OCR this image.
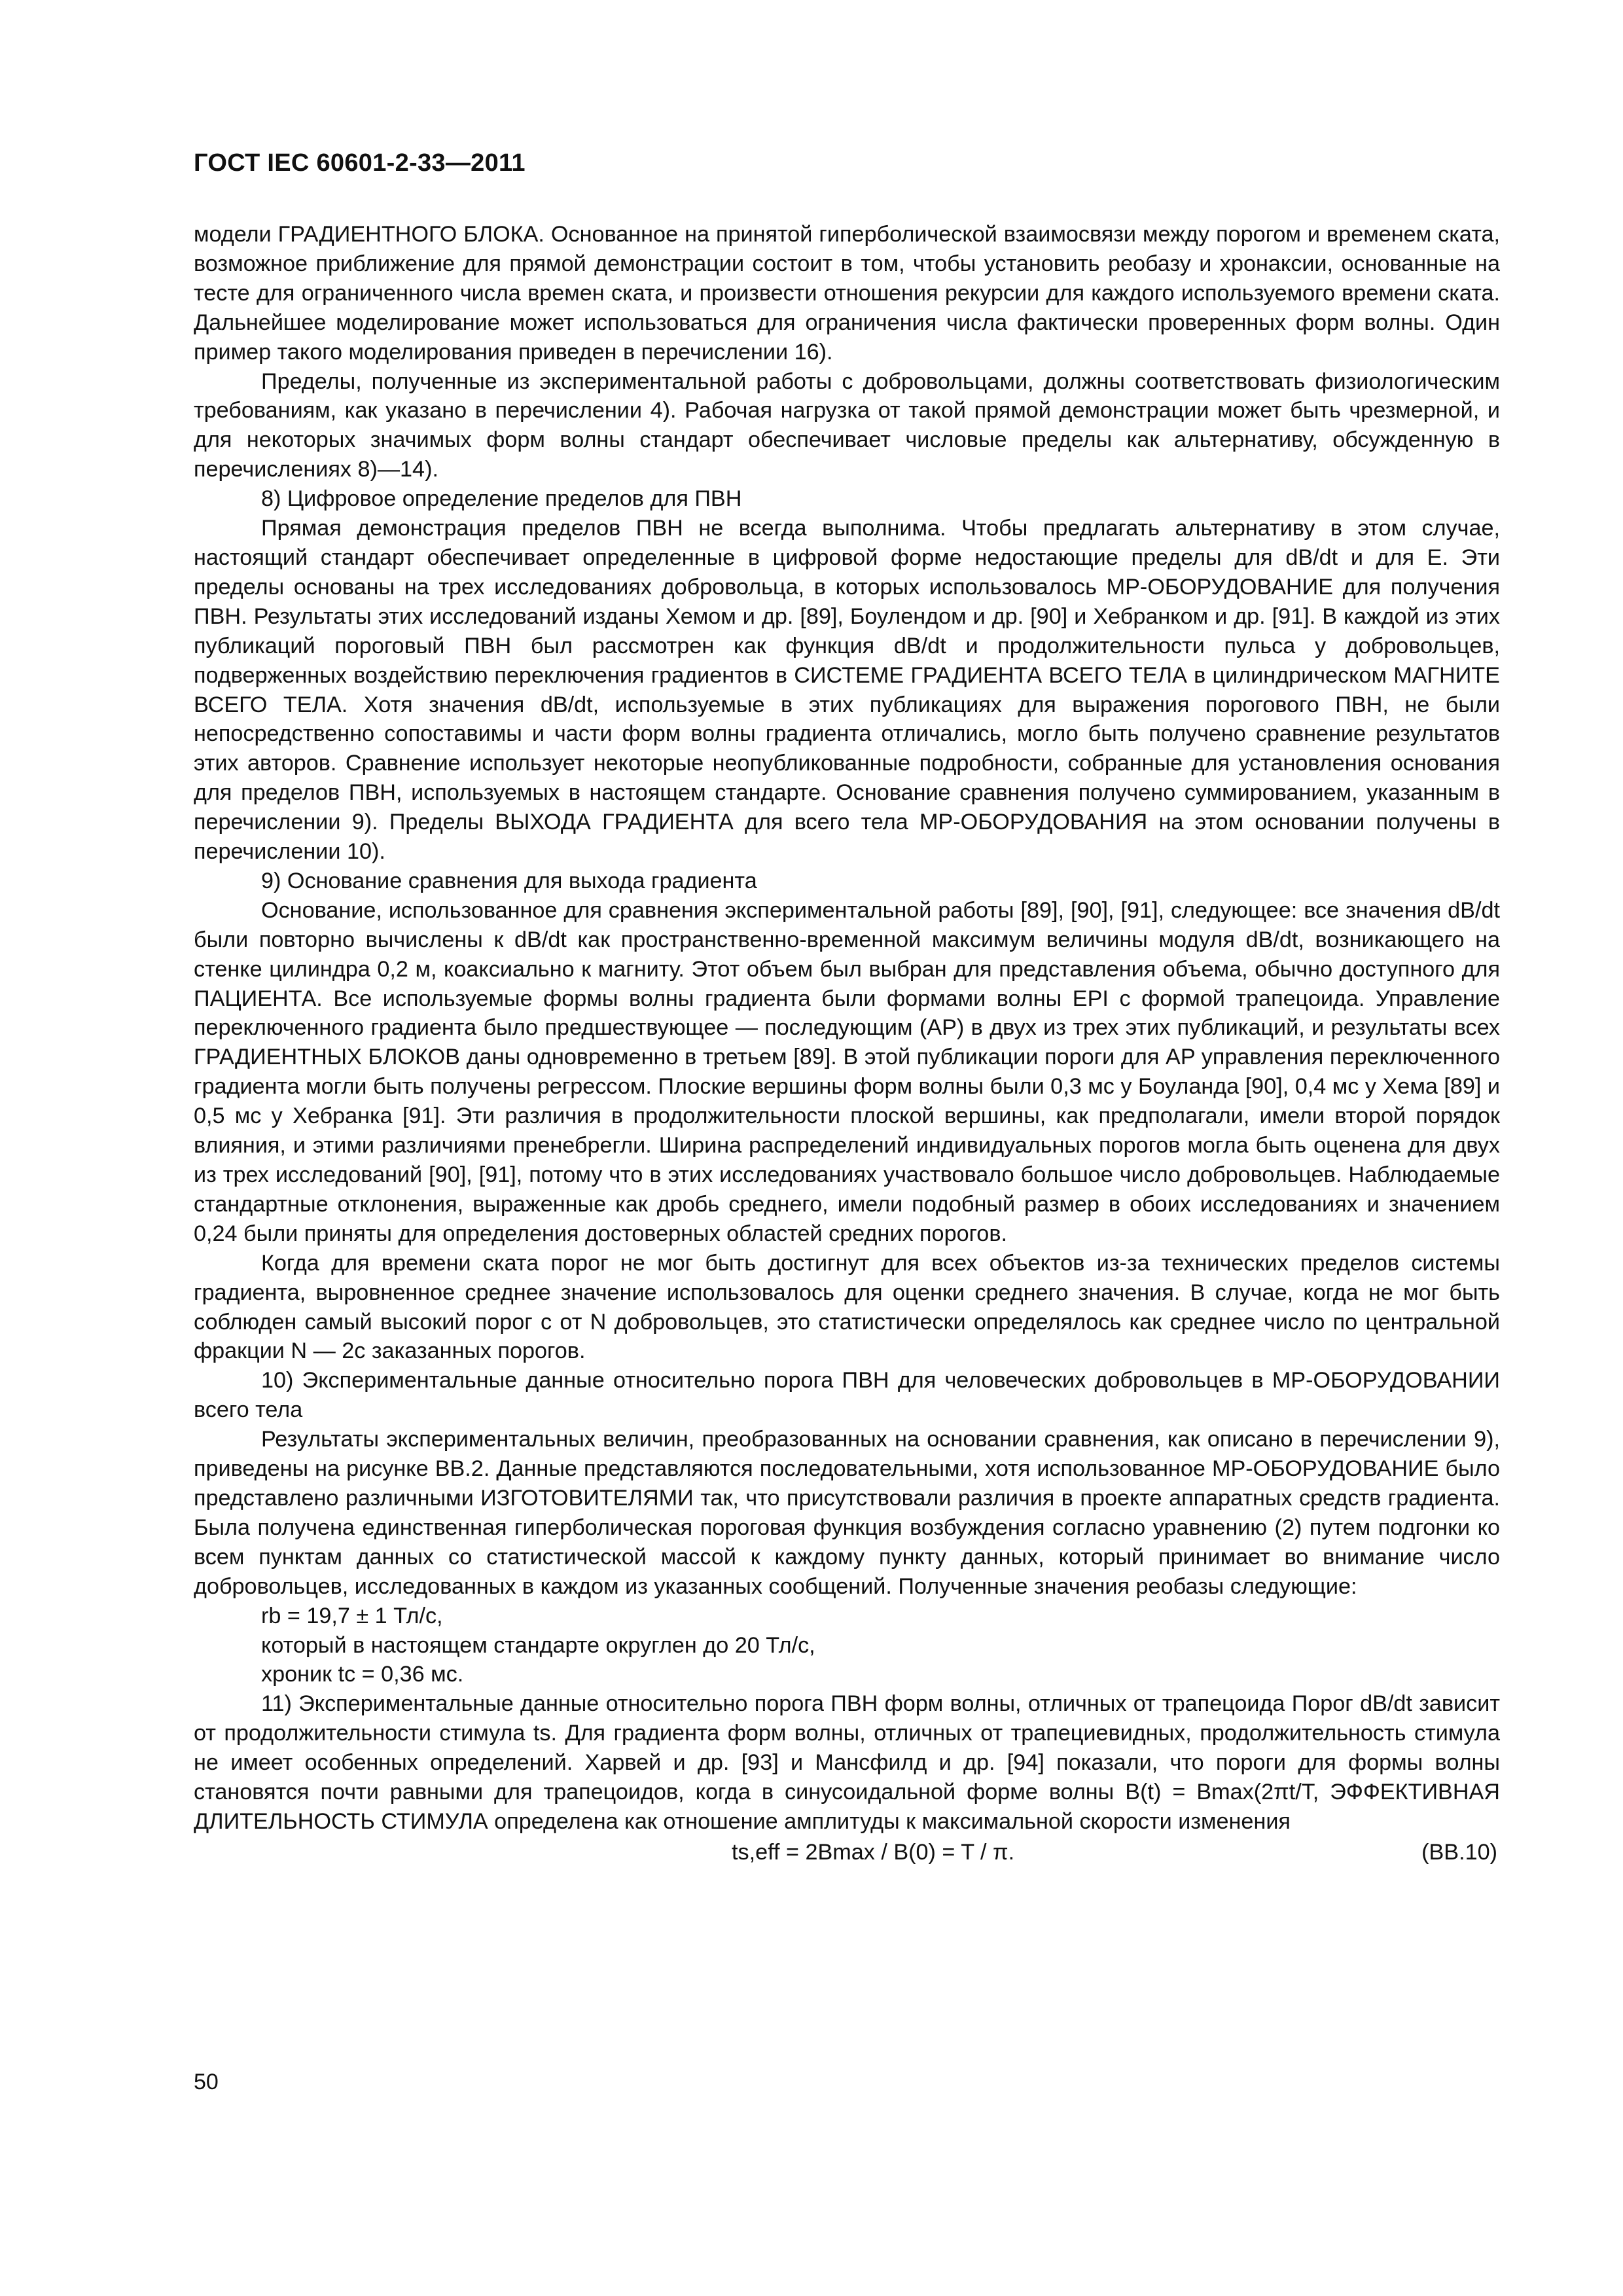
ГОСТ IEC 60601-2-33—2011

модели ГРАДИЕНТНОГО БЛОКА. Основанное на принятой гиперболической взаимосвязи между порогом и временем ската, возможное приближение для прямой демонстрации состоит в том, чтобы установить реобазу и хронаксии, основанные на тесте для ограниченного числа времен ската, и произвести отношения рекурсии для каждого используемого времени ската. Дальнейшее моделирование может использоваться для ограничения числа фактически проверенных форм волны. Один пример такого моделирования приведен в перечислении 16).

Пределы, полученные из экспериментальной работы с добровольцами, должны соответствовать физиологическим требованиям, как указано в перечислении 4). Рабочая нагрузка от такой прямой демонстрации может быть чрезмерной, и для некоторых значимых форм волны стандарт обеспечивает числовые пределы как альтернативу, обсужденную в перечислениях 8)—14).

8) Цифровое определение пределов для ПВН

Прямая демонстрация пределов ПВН не всегда выполнима. Чтобы предлагать альтернативу в этом случае, настоящий стандарт обеспечивает определенные в цифровой форме недостающие пределы для dB/dt и для E. Эти пределы основаны на трех исследованиях добровольца, в которых использовалось МР-ОБОРУДОВАНИЕ для получения ПВН. Результаты этих исследований изданы Хемом и др. [89], Боулендом и др. [90] и Хебранком и др. [91]. В каждой из этих публикаций пороговый ПВН был рассмотрен как функция dB/dt и продолжительности пульса у добровольцев, подверженных воздействию переключения градиентов в СИСТЕМЕ ГРАДИЕНТА ВСЕГО ТЕЛА в цилиндрическом МАГНИТЕ ВСЕГО ТЕЛА. Хотя значения dB/dt, используемые в этих публикациях для выражения порогового ПВН, не были непосредственно сопоставимы и части форм волны градиента отличались, могло быть получено сравнение результатов этих авторов. Сравнение использует некоторые неопубликованные подробности, собранные для установления основания для пределов ПВН, используемых в настоящем стандарте. Основание сравнения получено суммированием, указанным в перечислении 9). Пределы ВЫХОДА ГРАДИЕНТА для всего тела МР-ОБОРУДОВАНИЯ на этом основании получены в перечислении 10).

9) Основание сравнения для выхода градиента

Основание, использованное для сравнения экспериментальной работы [89], [90], [91], следующее: все значения dB/dt были повторно вычислены к dB/dt как пространственно-временной максимум величины модуля dB/dt, возникающего на стенке цилиндра 0,2 м, коаксиально к магниту. Этот объем был выбран для представления объема, обычно доступного для ПАЦИЕНТА. Все используемые формы волны градиента были формами волны EPI с формой трапецоида. Управление переключенного градиента было предшествующее — последующим (AP) в двух из трех этих публикаций, и результаты всех ГРАДИЕНТНЫХ БЛОКОВ даны одновременно в третьем [89]. В этой публикации пороги для AP управления переключенного градиента могли быть получены регрессом. Плоские вершины форм волны были 0,3 мс у Боуланда [90], 0,4 мс у Хема [89] и 0,5 мс у Хебранка [91]. Эти различия в продолжительности плоской вершины, как предполагали, имели второй порядок влияния, и этими различиями пренебрегли. Ширина распределений индивидуальных порогов могла быть оценена для двух из трех исследований [90], [91], потому что в этих исследованиях участвовало большое число добровольцев. Наблюдаемые стандартные отклонения, выраженные как дробь среднего, имели подобный размер в обоих исследованиях и значением 0,24 были приняты для определения достоверных областей средних порогов.

Когда для времени ската порог не мог быть достигнут для всех объектов из-за технических пределов системы градиента, выровненное среднее значение использовалось для оценки среднего значения. В случае, когда не мог быть соблюден самый высокий порог c от N добровольцев, это статистически определялось как среднее число по центральной фракции N — 2c заказанных порогов.

10) Экспериментальные данные относительно порога ПВН для человеческих добровольцев в МР-ОБОРУДОВАНИИ всего тела

Результаты экспериментальных величин, преобразованных на основании сравнения, как описано в перечислении 9), приведены на рисунке ВВ.2. Данные представляются последовательными, хотя использованное МР-ОБОРУДОВАНИЕ было представлено различными ИЗГОТОВИТЕЛЯМИ так, что присутствовали различия в проекте аппаратных средств градиента. Была получена единственная гиперболическая пороговая функция возбуждения согласно уравнению (2) путем подгонки ко всем пунктам данных со статистической массой к каждому пункту данных, который принимает во внимание число добровольцев, исследованных в каждом из указанных сообщений. Полученные значения реобазы следующие:

rb = 19,7 ± 1 Тл/с,

который в настоящем стандарте округлен до 20 Тл/с,

хроник tc = 0,36 мс.

11) Экспериментальные данные относительно порога ПВН форм волны, отличных от трапецоида Порог dB/dt зависит от продолжительности стимула ts. Для градиента форм волны, отличных от трапециевидных, продолжительность стимула не имеет особенных определений. Харвей и др. [93] и Мансфилд и др. [94] показали, что пороги для формы волны становятся почти равными для трапецоидов, когда в синусоидальной форме волны B(t) = Bmax(2πt/T, ЭФФЕКТИВНАЯ ДЛИТЕЛЬНОСТЬ СТИМУЛА определена как отношение амплитуды к максимальной скорости изменения

ts,eff = 2Bmax / B(0) = T / π.	(ВВ.10)
50
